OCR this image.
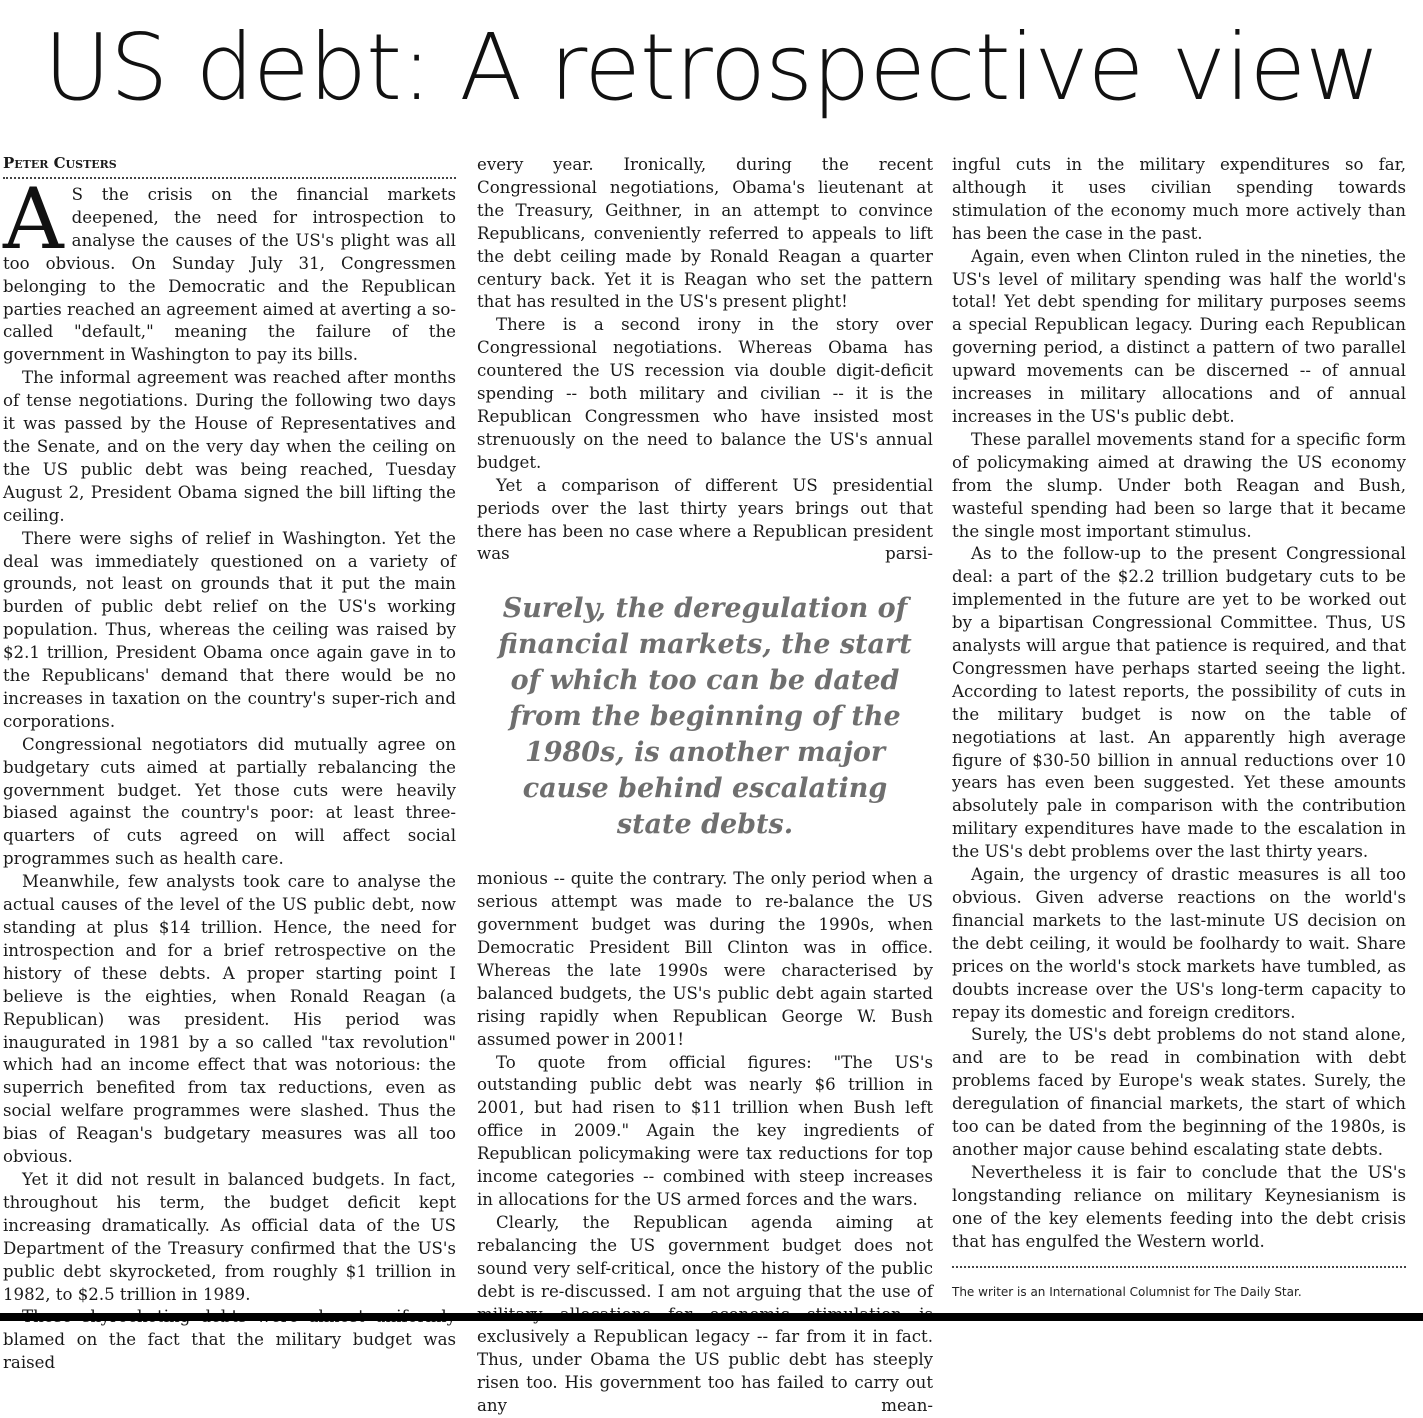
US debt: A retrospective view
Peter Custers

A S the crisis on the financial markets deepened, the need for introspection to analyse the causes of the US's plight was all too obvious. On Sunday July 31, Congressmen belonging to the Democratic and the Republican parties reached an agreement aimed at averting a so-called "default," meaning the failure of the government in Washington to pay its bills.

The informal agreement was reached after months of tense negotiations. During the following two days it was passed by the House of Representatives and the Senate, and on the very day when the ceiling on the US public debt was being reached, Tuesday August 2, President Obama signed the bill lifting the ceiling.

There were sighs of relief in Washington. Yet the deal was immediately questioned on a variety of grounds, not least on grounds that it put the main burden of public debt relief on the US's working population. Thus, whereas the ceiling was raised by $2.1 trillion, President Obama once again gave in to the Republicans' demand that there would be no increases in taxation on the country's super-rich and corporations.

Congressional negotiators did mutually agree on budgetary cuts aimed at partially rebalancing the government budget. Yet those cuts were heavily biased against the country's poor: at least three-quarters of cuts agreed on will affect social programmes such as health care.

Meanwhile, few analysts took care to analyse the actual causes of the level of the US public debt, now standing at plus $14 trillion. Hence, the need for introspection and for a brief retrospective on the history of these debts. A proper starting point I believe is the eighties, when Ronald Reagan (a Republican) was president. His period was inaugurated in 1981 by a so called "tax revolution" which had an income effect that was notorious: the superrich benefited from tax reductions, even as social welfare programmes were slashed. Thus the bias of Reagan's budgetary measures was all too obvious.

Yet it did not result in balanced budgets. In fact, throughout his term, the budget deficit kept increasing dramatically. As official data of the US Department of the Treasury confirmed that the US's public debt skyrocketed, from roughly $1 trillion in 1982, to $2.5 trillion in 1989.

blamed on the fact that the military budget was raised

every year. Ironically, during the recent Congressional negotiations, Obama's lieutenant at the Treasury, Geithner, in an attempt to convince Republicans, conveniently referred to appeals to lift the debt ceiling made by Ronald Reagan a quarter century back. Yet it is Reagan who set the pattern that has resulted in the US's present plight!

There is a second irony in the story over Congressional negotiations. Whereas Obama has countered the US recession via double digit-deficit spending -- both military and civilian -- it is the Republican Congressmen who have insisted most strenuously on the need to balance the US's annual budget.

Yet a comparison of different US presidential periods over the last thirty years brings out that there has been no case where a Republican president was parsi-

Surely, the deregulation of financial markets, the start of which too can be dated from the beginning of the 1980s, is another major cause behind escalating state debts.

monious -- quite the contrary. The only period when a serious attempt was made to re-balance the US government budget was during the 1990s, when Democratic President Bill Clinton was in office. Whereas the late 1990s were characterised by balanced budgets, the US's public debt again started rising rapidly when Republican George W. Bush assumed power in 2001!

To quote from official figures: "The US's outstanding public debt was nearly $6 trillion in 2001, but had risen to $11 trillion when Bush left office in 2009." Again the key ingredients of Republican policymaking were tax reductions for top income categories -- combined with steep increases in allocations for the US armed forces and the wars.

Clearly, the Republican agenda aiming at rebalancing the US government budget does not sound very self-critical, once the history of the public debt is re-discussed. I am not arguing that the use of exclusively a Republican legacy -- far from it in fact. Thus, under Obama the US public debt has steeply risen too. His government too has failed to carry out any mean-

ingful cuts in the military expenditures so far, although it uses civilian spending towards stimulation of the economy much more actively than has been the case in the past.

Again, even when Clinton ruled in the nineties, the US's level of military spending was half the world's total! Yet debt spending for military purposes seems a special Republican legacy. During each Republican governing period, a distinct a pattern of two parallel upward movements can be discerned -- of annual increases in military allocations and of annual increases in the US's public debt.

These parallel movements stand for a specific form of policymaking aimed at drawing the US economy from the slump. Under both Reagan and Bush, wasteful spending had been so large that it became the single most important stimulus.

As to the follow-up to the present Congressional deal: a part of the $2.2 trillion budgetary cuts to be implemented in the future are yet to be worked out by a bipartisan Congressional Committee. Thus, US analysts will argue that patience is required, and that Congressmen have perhaps started seeing the light. According to latest reports, the possibility of cuts in the military budget is now on the table of negotiations at last. An apparently high average figure of $30-50 billion in annual reductions over 10 years has even been suggested. Yet these amounts absolutely pale in comparison with the contribution military expenditures have made to the escalation in the US's debt problems over the last thirty years.

Again, the urgency of drastic measures is all too obvious. Given adverse reactions on the world's financial markets to the last-minute US decision on the debt ceiling, it would be foolhardy to wait. Share prices on the world's stock markets have tumbled, as doubts increase over the US's long-term capacity to repay its domestic and foreign creditors.

Surely, the US's debt problems do not stand alone, and are to be read in combination with debt problems faced by Europe's weak states. Surely, the deregulation of financial markets, the start of which too can be dated from the beginning of the 1980s, is another major cause behind escalating state debts.

Nevertheless it is fair to conclude that the US's longstanding reliance on military Keynesianism is one of the key elements feeding into the debt crisis that has engulfed the Western world.

The writer is an International Columnist for The Daily Star.
